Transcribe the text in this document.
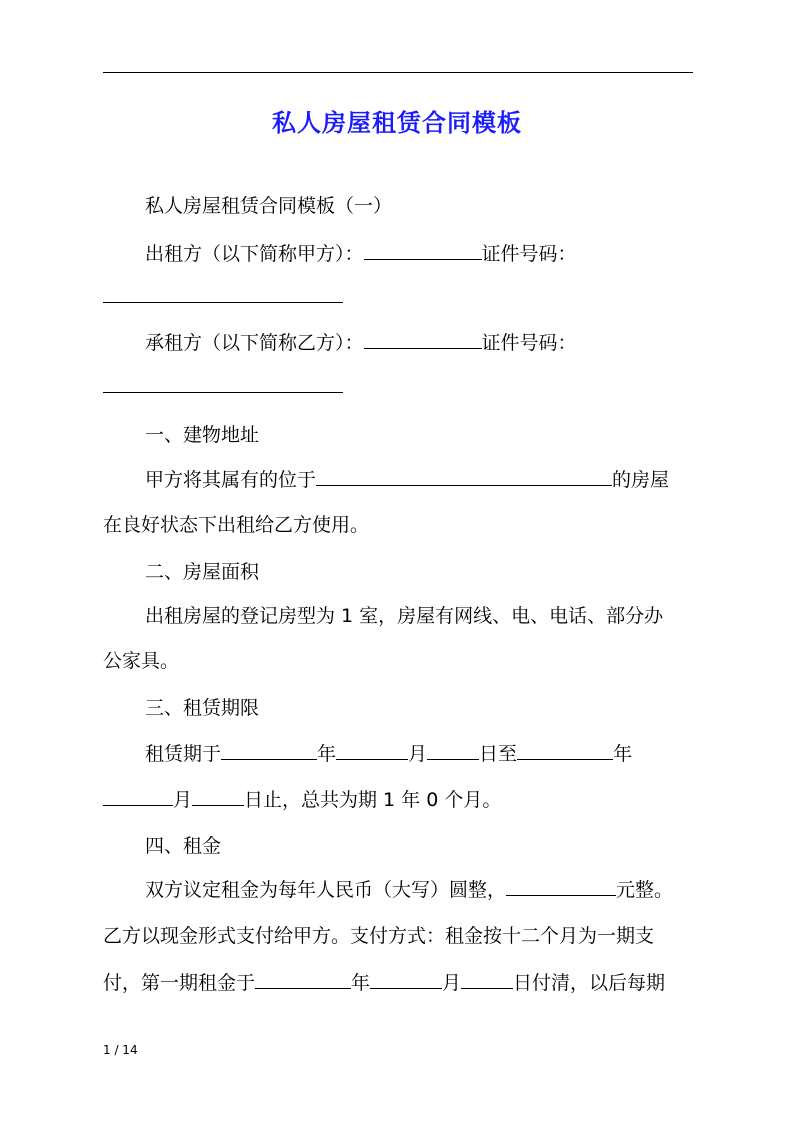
私人房屋租赁合同模板
私人房屋租赁合同模板（一）
出租方（以下简称甲方）：	证件号码：
承租方（以下简称乙方）：	证件号码：
一、建物地址
甲方将其属有的位于	的房屋
在良好状态下出租给乙方使用。
二、房屋面积
出租房屋的登记房型为 1 室，房屋有网线、电、电话、部分办
公家具。
三、租赁期限
租赁期于	年	月	日至	年
月	日止，总共为期 1 年 0 个月。
四、租金
双方议定租金为每年人民币（大写）圆整，	元整。
乙方以现金形式支付给甲方。支付方式：租金按十二个月为一期支
付，第一期租金于	年	月	日付清，以后每期
1 / 14
